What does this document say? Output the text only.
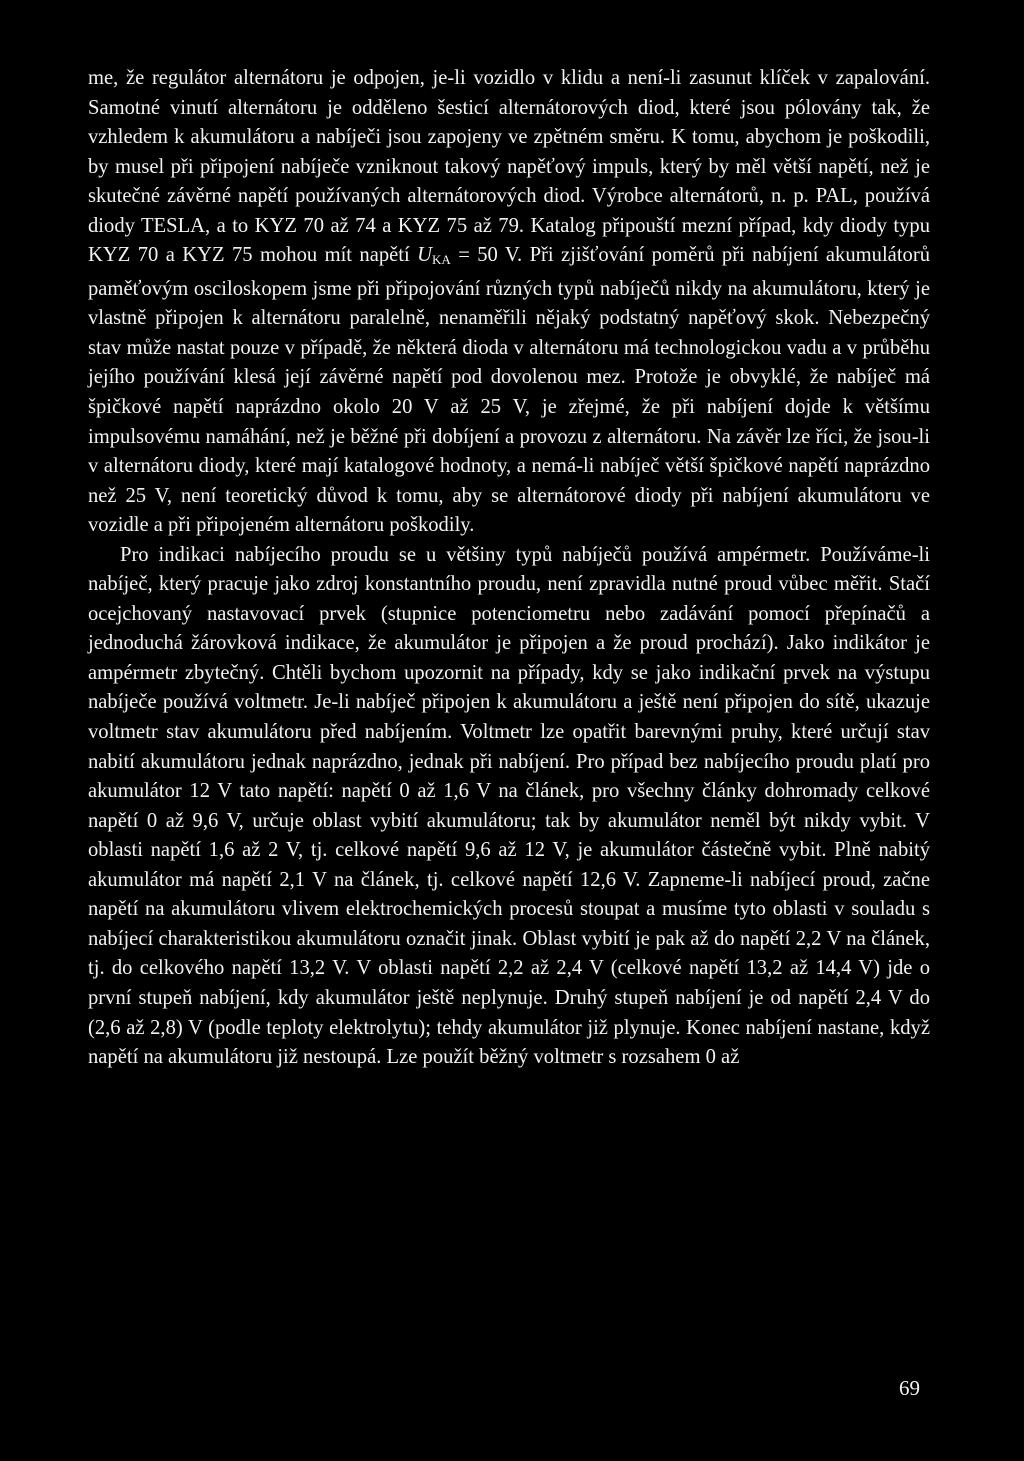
me, že regulátor alternátoru je odpojen, je-li vozidlo v klidu a není-li zasunut klíček v zapalování. Samotné vinutí alternátoru je odděleno šesticí alternátorových diod, které jsou pólovány tak, že vzhledem k akumulátoru a nabíječi jsou zapojeny ve zpětném směru. K tomu, abychom je poškodili, by musel při připojení nabíječe vzniknout takový napěťový impuls, který by měl větší napětí, než je skutečné závěrné napětí používaných alternátorových diod. Výrobce alternátorů, n. p. PAL, používá diody TESLA, a to KYZ 70 až 74 a KYZ 75 až 79. Katalog připouští mezní případ, kdy diody typu KYZ 70 a KYZ 75 mohou mít napětí $U_{KA} = 50$ V. Při zjišťování poměrů při nabíjení akumulátorů paměťovým osciloskopem jsme při připojování různých typů nabíječů nikdy na akumulátoru, který je vlastně připojen k alternátoru paralelně, nenaměřili nějaký podstatný napěťový skok. Nebezpečný stav může nastat pouze v případě, že některá dioda v alternátoru má technologickou vadu a v průběhu jejího používání klesá její závěrné napětí pod dovolenou mez. Protože je obvyklé, že nabíječ má špičkové napětí naprázdno okolo 20 V až 25 V, je zřejmé, že při nabíjení dojde k většímu impulsovému namáhání, než je běžné při dobíjení a provozu z alternátoru. Na závěr lze říci, že jsou-li v alternátoru diody, které mají katalogové hodnoty, a nemá-li nabíječ větší špičkové napětí naprázdno než 25 V, není teoretický důvod k tomu, aby se alternátorové diody při nabíjení akumulátoru ve vozidle a při připojeném alternátoru poškodily.

Pro indikaci nabíjecího proudu se u většiny typů nabíječů používá ampérmetr. Používáme-li nabíječ, který pracuje jako zdroj konstantního proudu, není zpravidla nutné proud vůbec měřit. Stačí ocejchovaný nastavovací prvek (stupnice potenciometru nebo zadávání pomocí přepínačů a jednoduchá žárovková indikace, že akumulátor je připojen a že proud prochází). Jako indikátor je ampérmetr zbytečný. Chtěli bychom upozornit na případy, kdy se jako indikační prvek na výstupu nabíječe používá voltmetr. Je-li nabíječ připojen k akumulátoru a ještě není připojen do sítě, ukazuje voltmetr stav akumulátoru před nabíjením. Voltmetr lze opatřit barevnými pruhy, které určují stav nabití akumulátoru jednak naprázdno, jednak při nabíjení. Pro případ bez nabíjecího proudu platí pro akumulátor 12 V tato napětí: napětí 0 až 1,6 V na článek, pro všechny články dohromady celkové napětí 0 až 9,6 V, určuje oblast vybití akumulátoru; tak by akumulátor neměl být nikdy vybit. V oblasti napětí 1,6 až 2 V, tj. celkové napětí 9,6 až 12 V, je akumulátor částečně vybit. Plně nabitý akumulátor má napětí 2,1 V na článek, tj. celkové napětí 12,6 V. Zapneme-li nabíjecí proud, začne napětí na akumulátoru vlivem elektrochemických procesů stoupat a musíme tyto oblasti v souladu s nabíjecí charakteristikou akumulátoru označit jinak. Oblast vybití je pak až do napětí 2,2 V na článek, tj. do celkového napětí 13,2 V. V oblasti napětí 2,2 až 2,4 V (celkové napětí 13,2 až 14,4 V) jde o první stupeň nabíjení, kdy akumulátor ještě neplynuje. Druhý stupeň nabíjení je od napětí 2,4 V do (2,6 až 2,8) V (podle teploty elektrolytu); tehdy akumulátor již plynuje. Konec nabíjení nastane, když napětí na akumulátoru již nestoupá. Lze použít běžný voltmetr s rozsahem 0 až

69
